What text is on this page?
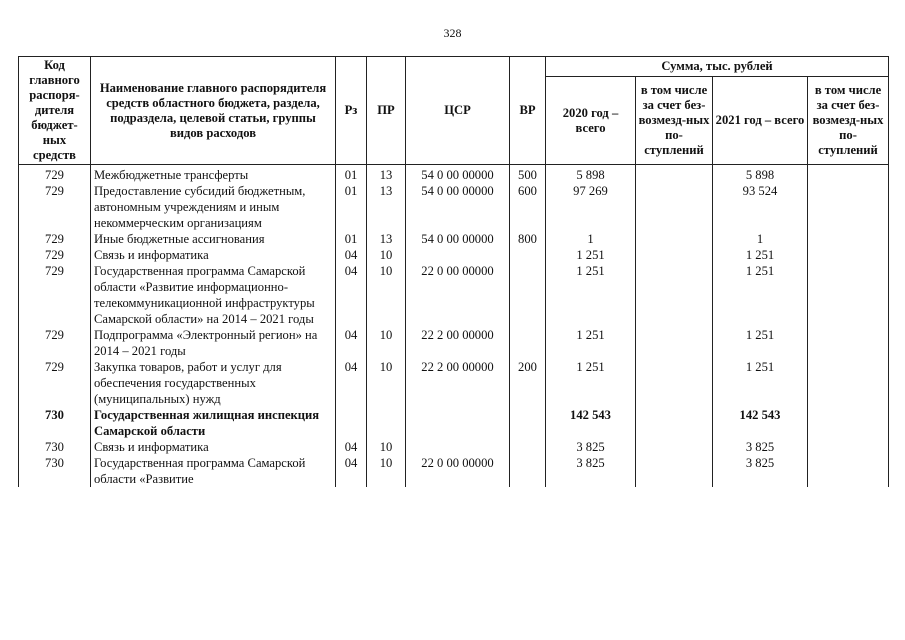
328
Код главного распоря-дителя бюджет-ных средств	Наименование главного распорядителя средств областного бюджета, раздела, подраздела, целевой статьи, группы видов расходов	Рз	ПР	ЦСР	ВР	Сумма, тыс. рублей			
						2020 год – всего	в том числе за счет без-возмезд-ных по-ступлений	2021 год – всего	в том числе за счет без-возмезд-ных по-ступлений
729	Межбюджетные трансферты	01	13	54 0 00 00000	500	5 898		5 898	
729	Предоставление субсидий бюджетным, автономным учреждениям и иным некоммерческим организациям	01	13	54 0 00 00000	600	97 269		93 524	
729	Иные бюджетные ассигнования	01	13	54 0 00 00000	800	1		1	
729	Связь и информатика	04	10			1 251		1 251	
729	Государственная программа Самарской области «Развитие информационно-телекоммуникационной инфраструктуры Самарской области» на 2014 – 2021 годы	04	10	22 0 00 00000		1 251		1 251	
729	Подпрограмма «Электронный регион» на 2014 – 2021 годы	04	10	22 2 00 00000		1 251		1 251	
729	Закупка товаров, работ и услуг для обеспечения государственных (муниципальных) нужд	04	10	22 2 00 00000	200	1 251		1 251	
730	Государственная жилищная инспекция Самарской области					142 543		142 543	
730	Связь и информатика	04	10			3 825		3 825	
730	Государственная программа Самарской области «Развитие	04	10	22 0 00 00000		3 825		3 825	
